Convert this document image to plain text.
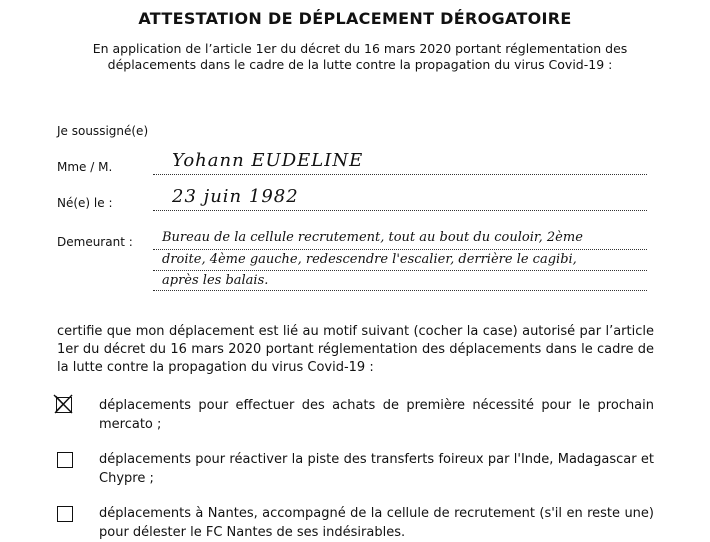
ATTESTATION DE DÉPLACEMENT DÉROGATOIRE
En application de l’article 1er du décret du 16 mars 2020 portant réglementation des
déplacements dans le cadre de la lutte contre la propagation du virus Covid-19 :
Je soussigné(e)
Mme / M.	Yohann EUDELINE
Né(e) le :	23 juin 1982
Demeurant : Bureau de la cellule recrutement, tout au bout du couloir, 2ème
droite, 4ème gauche, redescendre l'escalier, derrière le cagibi,
après les balais.
certifie que mon déplacement est lié au motif suivant (cocher la case) autorisé par l’article 1er du décret du 16 mars 2020 portant réglementation des déplacements dans le cadre de la lutte contre la propagation du virus Covid-19 :
déplacements pour effectuer des achats de première nécessité pour le prochain mercato ;
déplacements pour réactiver la piste des transferts foireux par l'Inde, Madagascar et Chypre ;
déplacements à Nantes, accompagné de la cellule de recrutement (s'il en reste une) pour délester le FC Nantes de ses indésirables.
